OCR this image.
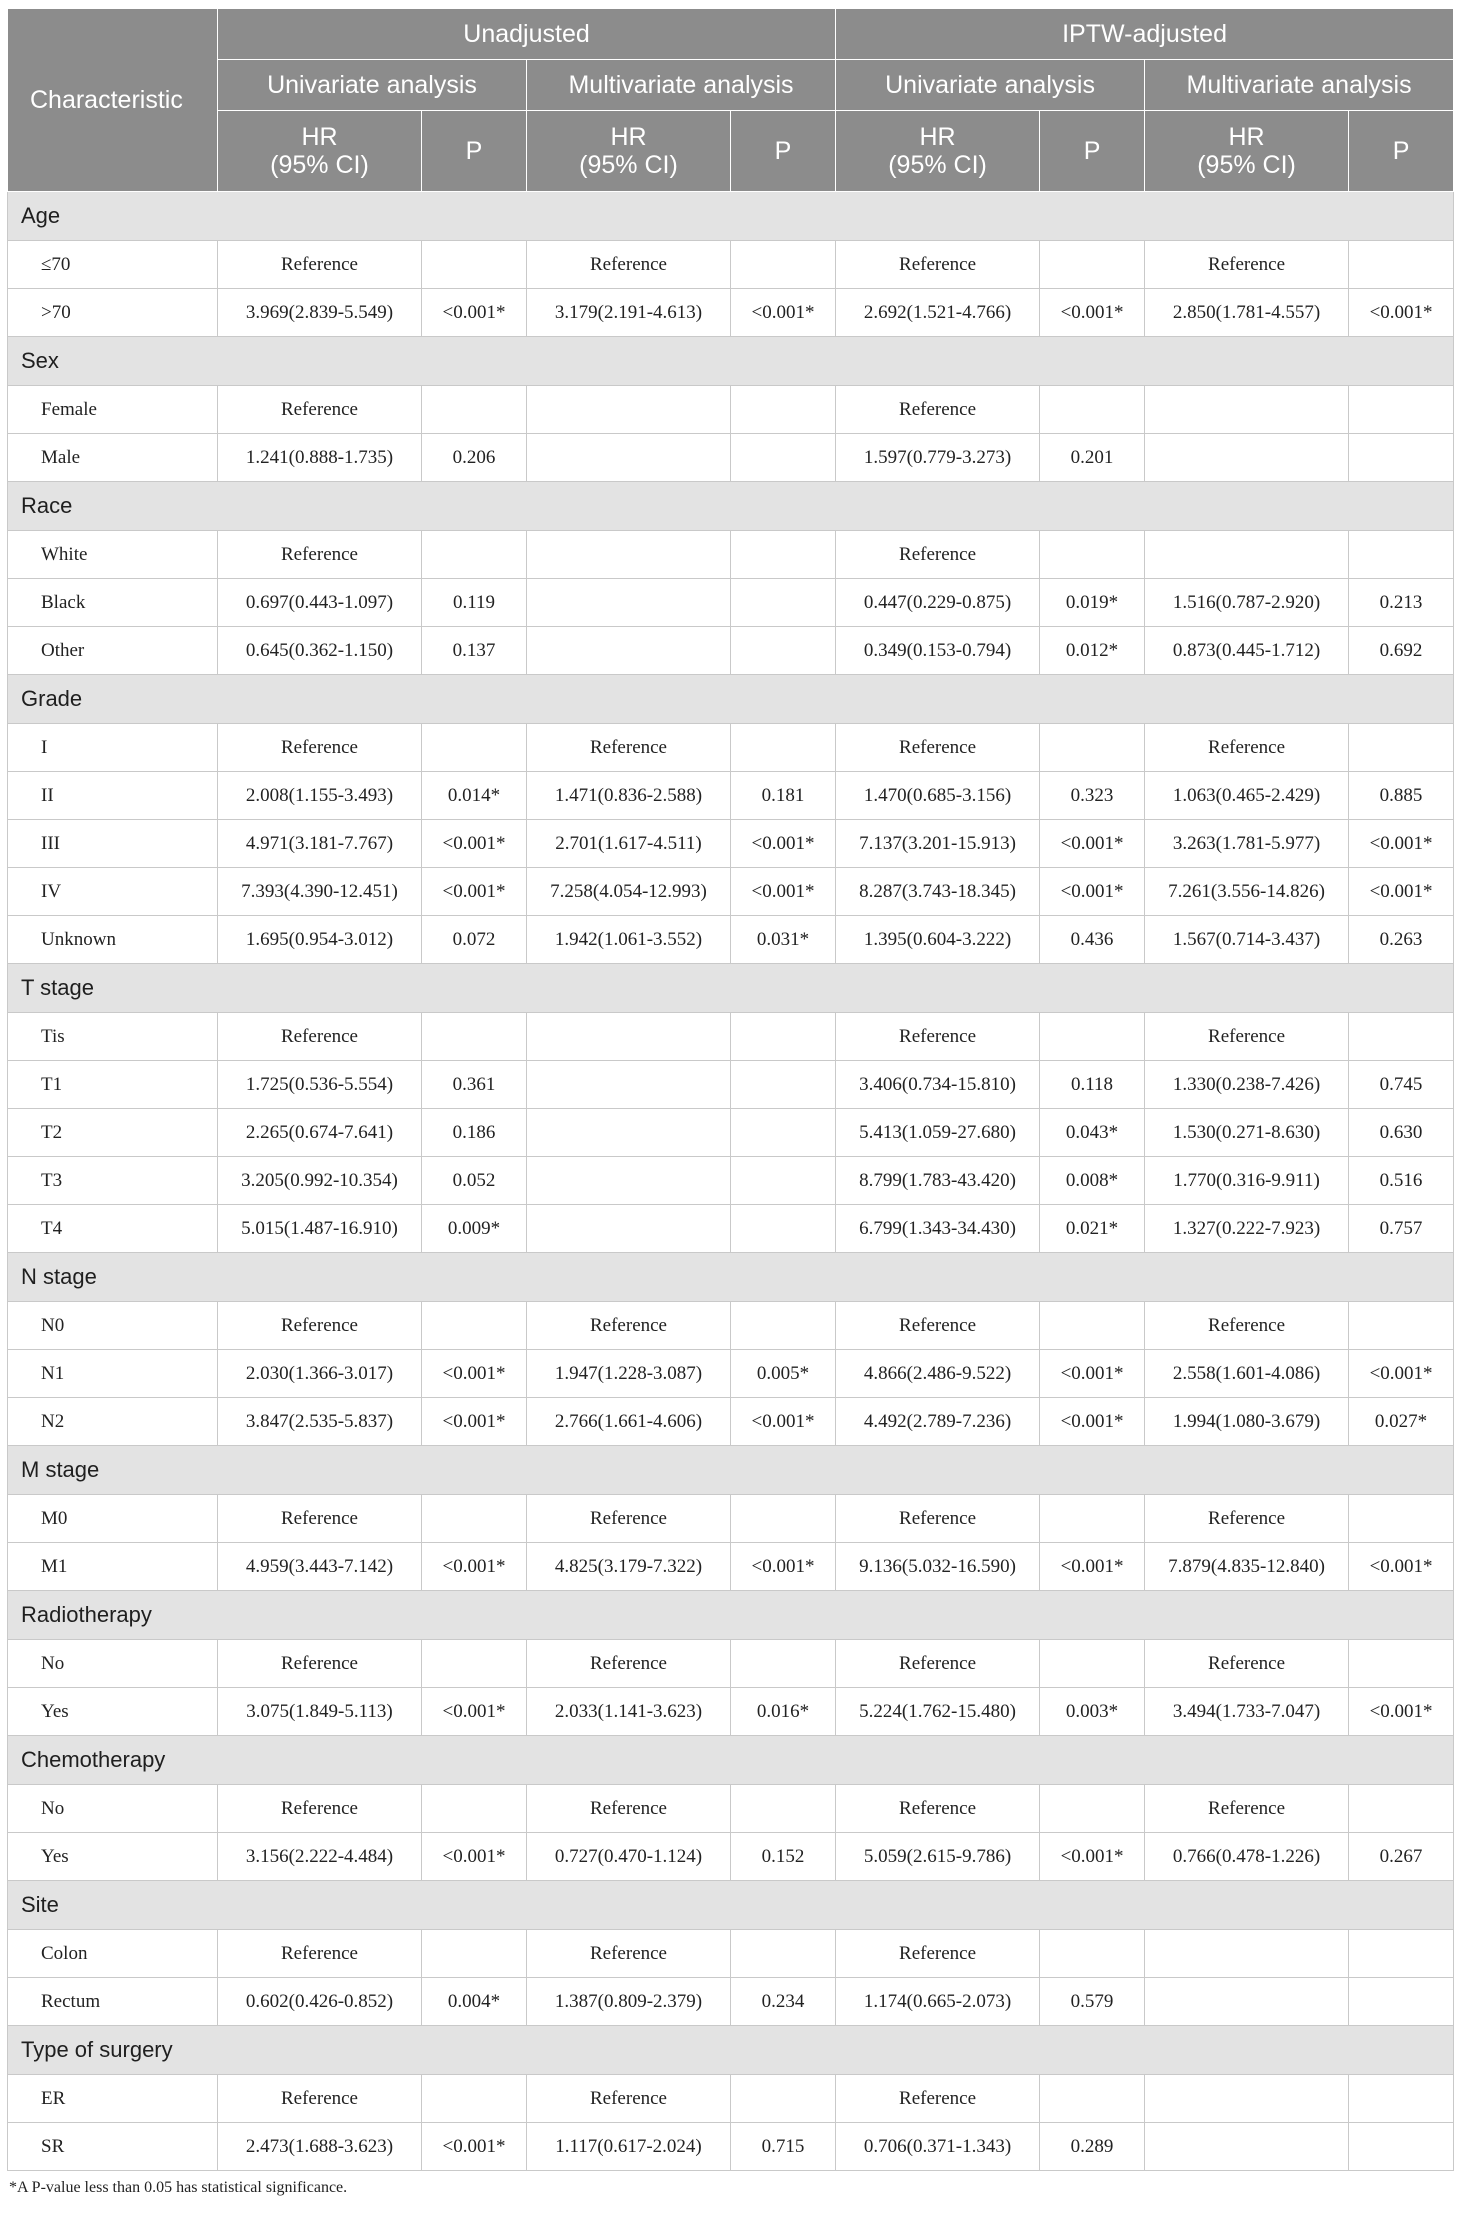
Characteristic	Unadjusted				IPTW-adjusted			
	Univariate analysis		Multivariate analysis		Univariate analysis		Multivariate analysis	
	HR
(95% CI)	P	HR
(95% CI)	P	HR
(95% CI)	P	HR
(95% CI)	P
Age								
≤70	Reference		Reference		Reference		Reference	
>70	3.969(2.839-5.549)	<0.001*	3.179(2.191-4.613)	<0.001*	2.692(1.521-4.766)	<0.001*	2.850(1.781-4.557)	<0.001*
Sex								
Female	Reference				Reference			
Male	1.241(0.888-1.735)	0.206			1.597(0.779-3.273)	0.201		
Race								
White	Reference				Reference			
Black	0.697(0.443-1.097)	0.119			0.447(0.229-0.875)	0.019*	1.516(0.787-2.920)	0.213
Other	0.645(0.362-1.150)	0.137			0.349(0.153-0.794)	0.012*	0.873(0.445-1.712)	0.692
Grade								
I	Reference		Reference		Reference		Reference	
II	2.008(1.155-3.493)	0.014*	1.471(0.836-2.588)	0.181	1.470(0.685-3.156)	0.323	1.063(0.465-2.429)	0.885
III	4.971(3.181-7.767)	<0.001*	2.701(1.617-4.511)	<0.001*	7.137(3.201-15.913)	<0.001*	3.263(1.781-5.977)	<0.001*
IV	7.393(4.390-12.451)	<0.001*	7.258(4.054-12.993)	<0.001*	8.287(3.743-18.345)	<0.001*	7.261(3.556-14.826)	<0.001*
Unknown	1.695(0.954-3.012)	0.072	1.942(1.061-3.552)	0.031*	1.395(0.604-3.222)	0.436	1.567(0.714-3.437)	0.263
T stage								
Tis	Reference				Reference		Reference	
T1	1.725(0.536-5.554)	0.361			3.406(0.734-15.810)	0.118	1.330(0.238-7.426)	0.745
T2	2.265(0.674-7.641)	0.186			5.413(1.059-27.680)	0.043*	1.530(0.271-8.630)	0.630
T3	3.205(0.992-10.354)	0.052			8.799(1.783-43.420)	0.008*	1.770(0.316-9.911)	0.516
T4	5.015(1.487-16.910)	0.009*			6.799(1.343-34.430)	0.021*	1.327(0.222-7.923)	0.757
N stage								
N0	Reference		Reference		Reference		Reference	
N1	2.030(1.366-3.017)	<0.001*	1.947(1.228-3.087)	0.005*	4.866(2.486-9.522)	<0.001*	2.558(1.601-4.086)	<0.001*
N2	3.847(2.535-5.837)	<0.001*	2.766(1.661-4.606)	<0.001*	4.492(2.789-7.236)	<0.001*	1.994(1.080-3.679)	0.027*
M stage								
M0	Reference		Reference		Reference		Reference	
M1	4.959(3.443-7.142)	<0.001*	4.825(3.179-7.322)	<0.001*	9.136(5.032-16.590)	<0.001*	7.879(4.835-12.840)	<0.001*
Radiotherapy								
No	Reference		Reference		Reference		Reference	
Yes	3.075(1.849-5.113)	<0.001*	2.033(1.141-3.623)	0.016*	5.224(1.762-15.480)	0.003*	3.494(1.733-7.047)	<0.001*
Chemotherapy								
No	Reference		Reference		Reference		Reference	
Yes	3.156(2.222-4.484)	<0.001*	0.727(0.470-1.124)	0.152	5.059(2.615-9.786)	<0.001*	0.766(0.478-1.226)	0.267
Site								
Colon	Reference		Reference		Reference			
Rectum	0.602(0.426-0.852)	0.004*	1.387(0.809-2.379)	0.234	1.174(0.665-2.073)	0.579		
Type of surgery								
ER	Reference		Reference		Reference			
SR	2.473(1.688-3.623)	<0.001*	1.117(0.617-2.024)	0.715	0.706(0.371-1.343)	0.289		
*A P-value less than 0.05 has statistical significance.
